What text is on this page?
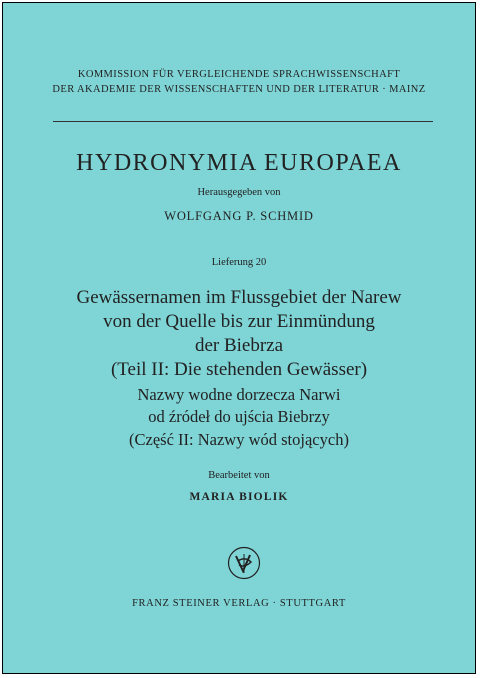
KOMMISSION FÜR VERGLEICHENDE SPRACHWISSENSCHAFT
DER AKADEMIE DER WISSENSCHAFTEN UND DER LITERATUR · MAINZ
HYDRONYMIA EUROPAEA
Herausgegeben von
WOLFGANG P. SCHMID
Lieferung 20
Gewässernamen im Flussgebiet der Narew
von der Quelle bis zur Einmündung
der Biebrza
(Teil II: Die stehenden Gewässer)
Nazwy wodne dorzecza Narwi
od źródeł do ujścia Biebrzy
(Część II: Nazwy wód stojących)
Bearbeitet von
MARIA BIOLIK
FRANZ STEINER VERLAG · STUTTGART
